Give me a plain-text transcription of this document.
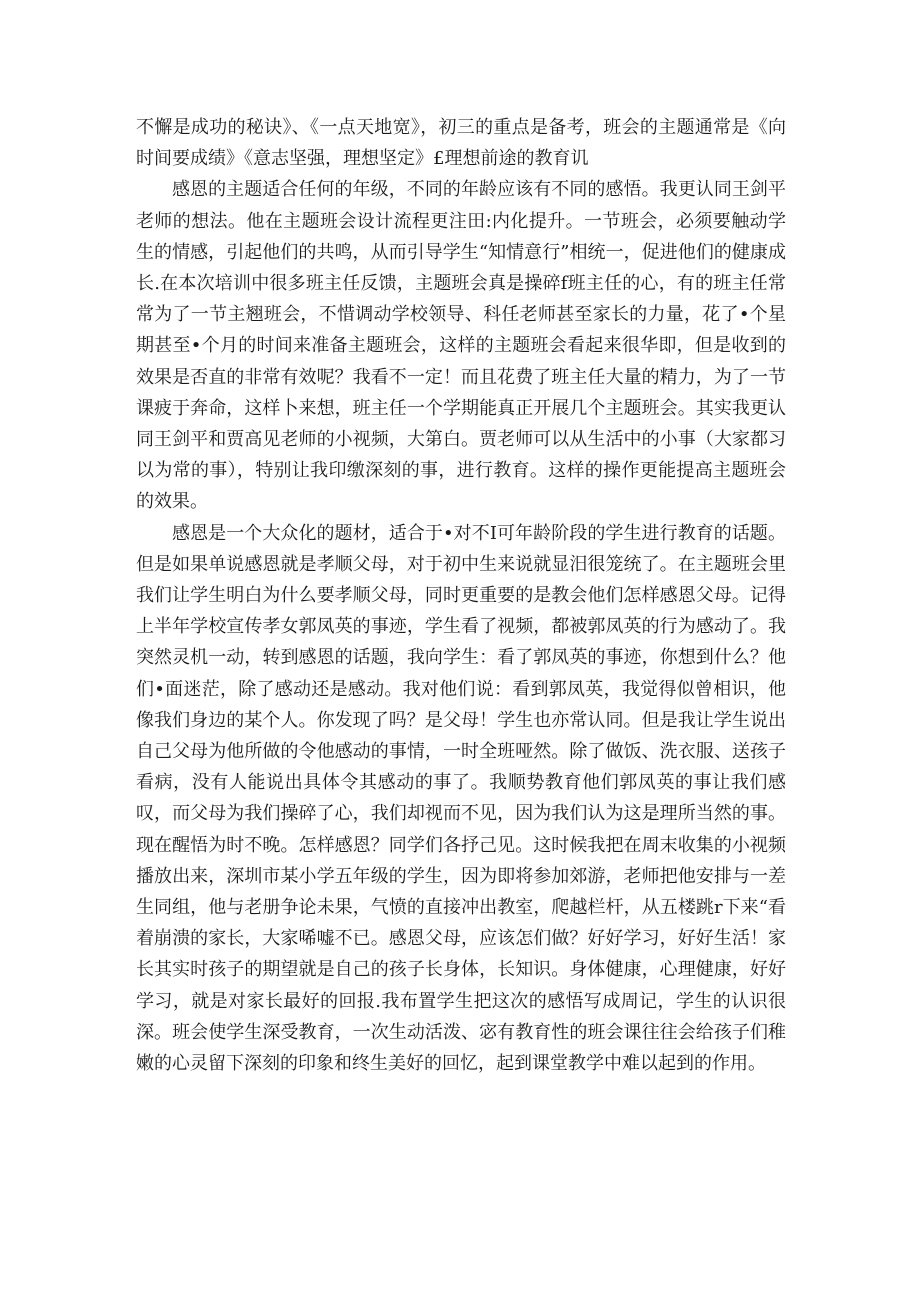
不懈是成功的秘诀》、《一点天地宽》，初三的重点是备考，班会的主题通常是《向时间要成绩》《意志坚强，理想坚定》£理想前途的教育讥

感恩的主题适合任何的年级，不同的年龄应该有不同的感悟。我更认同王剑平老师的想法。他在主题班会设计流程更注田:内化提升。一节班会，必须要触动学生的情感，引起他们的共鸣，从而引导学生“知情意行”相统一，促进他们的健康成长.在本次培训中很多班主任反馈，主题班会真是操碎f班主任的心，有的班主任常常为了一节主翘班会，不惜调动学校领导、科任老师甚至家长的力量，花了•个星期甚至•个月的时间来准备主题班会，这样的主题班会看起来很华即，但是收到的效果是否直的非常有效呢？我看不一定！而且花费了班主任大量的精力，为了一节课疲于奔命，这样卜来想，班主任一个学期能真正开展几个主题班会。其实我更认同王剑平和贾高见老师的小视频，大第白。贾老师可以从生活中的小事（大家都习以为常的事），特别让我印缴深刻的事，进行教育。这样的操作更能提高主题班会的效果。

感恩是一个大众化的题材，适合于•对不I可年龄阶段的学生进行教育的话题。但是如果单说感恩就是孝顺父母，对于初中生来说就显汨很笼统了。在主题班会里我们让学生明白为什么要孝顺父母，同时更重要的是教会他们怎样感恩父母。记得上半年学校宣传孝女郭凤英的事迹，学生看了视频，都被郭凤英的行为感动了。我突然灵机一动，转到感恩的话题，我向学生：看了郭凤英的事迹，你想到什么？他们•面迷茫，除了感动还是感动。我对他们说：看到郭凤英，我觉得似曾相识，他像我们身边的某个人。你发现了吗？是父母！学生也亦常认同。但是我让学生说出自己父母为他所做的令他感动的事情，一时全班哑然。除了做饭、洗衣服、送孩子看病，没有人能说出具体令其感动的事了。我顺势教育他们郭凤英的事让我们感叹，而父母为我们操碎了心，我们却视而不见，因为我们认为这是理所当然的事。现在醒悟为时不晚。怎样感恩？同学们各抒己见。这时候我把在周末收集的小视频播放出来，深圳市某小学五年级的学生，因为即将参加郊游，老师把他安排与一差生同组，他与老册争论未果，气愤的直接冲出教室，爬越栏杆，从五楼跳r下来“看着崩溃的家长，大家唏嘘不已。感恩父母，应该怎们做？好好学习，好好生活！家长其实时孩子的期望就是自己的孩子长身体，长知识。身体健康，心理健康，好好学习，就是对家长最好的回报.我布置学生把这次的感悟写成周记，学生的认识很深。班会使学生深受教育，一次生动活泼、宓有教育性的班会课往往会给孩子们稚嫩的心灵留下深刻的印象和终生美好的回忆，起到课堂教学中难以起到的作用。
